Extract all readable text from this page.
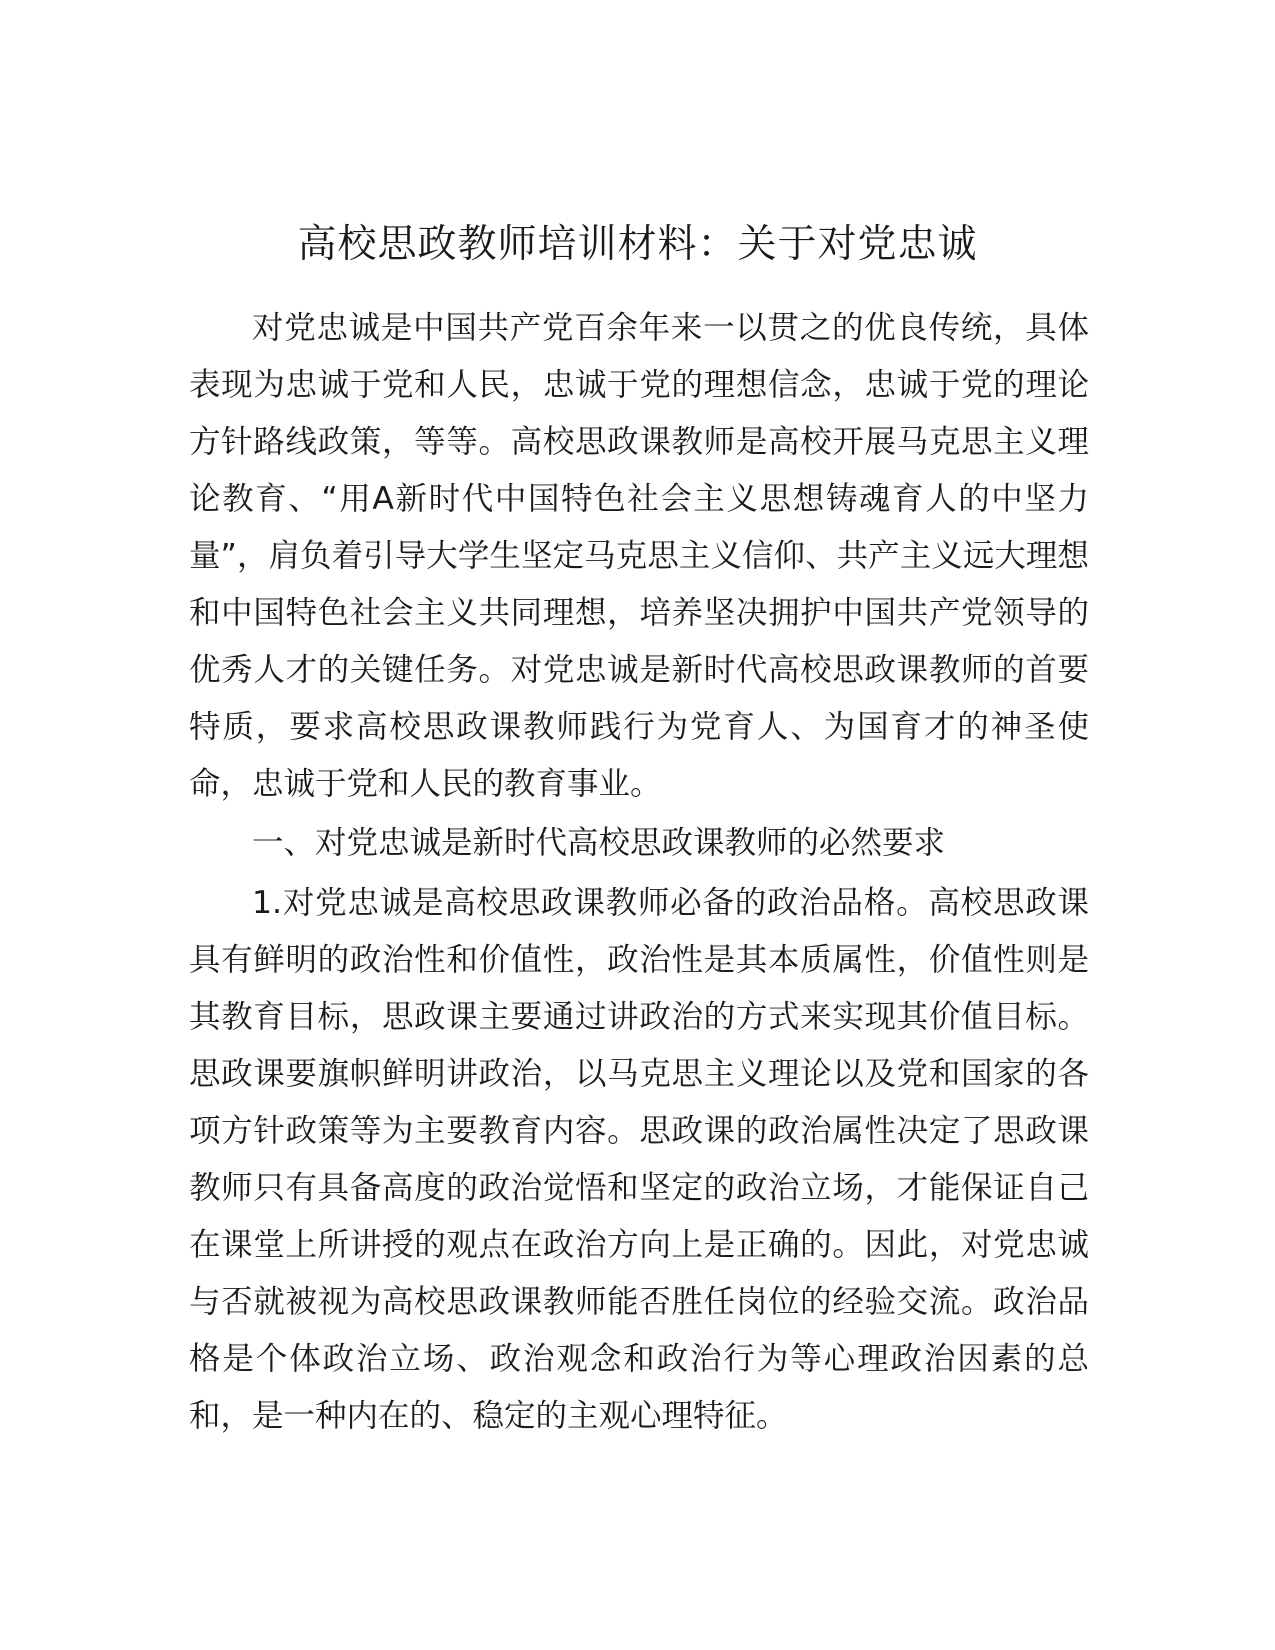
高校思政教师培训材料：关于对党忠诚

对党忠诚是中国共产党百余年来一以贯之的优良传统，具体表现为忠诚于党和人民，忠诚于党的理想信念，忠诚于党的理论方针路线政策，等等。高校思政课教师是高校开展马克思主义理论教育、“用A新时代中国特色社会主义思想铸魂育人的中坚力量”，肩负着引导大学生坚定马克思主义信仰、共产主义远大理想和中国特色社会主义共同理想，培养坚决拥护中国共产党领导的优秀人才的关键任务。对党忠诚是新时代高校思政课教师的首要特质，要求高校思政课教师践行为党育人、为国育才的神圣使命，忠诚于党和人民的教育事业。

一、对党忠诚是新时代高校思政课教师的必然要求

1.对党忠诚是高校思政课教师必备的政治品格。高校思政课具有鲜明的政治性和价值性，政治性是其本质属性，价值性则是其教育目标，思政课主要通过讲政治的方式来实现其价值目标。思政课要旗帜鲜明讲政治，以马克思主义理论以及党和国家的各项方针政策等为主要教育内容。思政课的政治属性决定了思政课教师只有具备高度的政治觉悟和坚定的政治立场，才能保证自己在课堂上所讲授的观点在政治方向上是正确的。因此，对党忠诚与否就被视为高校思政课教师能否胜任岗位的经验交流。政治品格是个体政治立场、政治观念和政治行为等心理政治因素的总和，是一种内在的、稳定的主观心理特征。
